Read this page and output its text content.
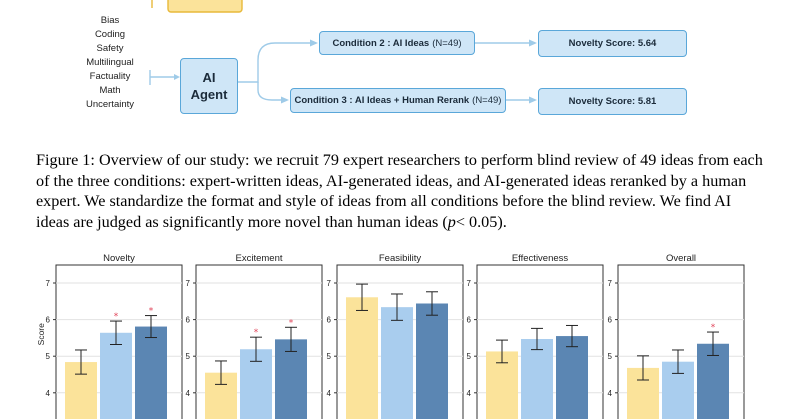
Bias
Coding
Safety
Multilingual
Factuality
Math
Uncertainty
AI
Agent
Condition 2 : AI Ideas (N=49)
Condition 3 : AI Ideas + Human Rerank (N=49)
Novelty Score: 5.64
Novelty Score: 5.81
Figure 1: Overview of our study: we recruit 79 expert researchers to perform blind review of 49 ideas from each of the three conditions: expert-written ideas, AI-generated ideas, and AI-generated ideas reranked by a human expert. We standardize the format and style of ideas from all conditions before the blind review. We find AI ideas are judged as significantly more novel than human ideas (p< 0.05).
7
6
5
4
Novelty
*
*
Score
7
6
5
4
Excitement
*
*
7
6
5
4
Feasibility
7
6
5
4
Effectiveness
7
6
5
4
Overall
*
